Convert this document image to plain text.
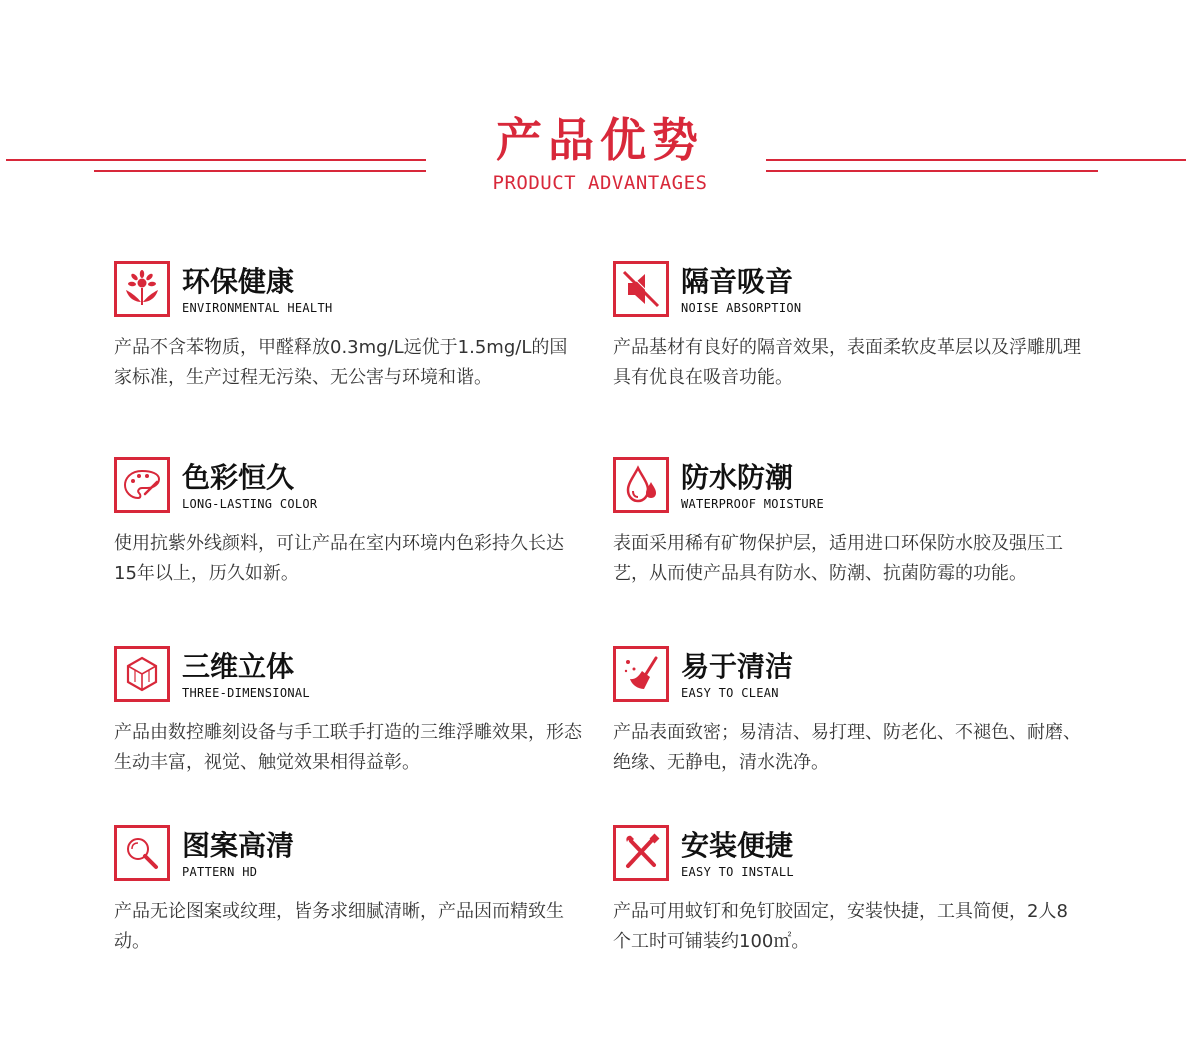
产品优势
PRODUCT ADVANTAGES
环保健康
ENVIRONMENTAL HEALTH
产品不含苯物质，甲醛释放0.3mg/L远优于1.5mg/L的国家标准，生产过程无污染、无公害与环境和谐。
隔音吸音
NOISE ABSORPTION
产品基材有良好的隔音效果，表面柔软皮革层以及浮雕肌理具有优良在吸音功能。
色彩恒久
LONG-LASTING COLOR
使用抗紫外线颜料，可让产品在室内环境内色彩持久长达15年以上，历久如新。
防水防潮
WATERPROOF MOISTURE
表面采用稀有矿物保护层，适用进口环保防水胶及强压工艺，从而使产品具有防水、防潮、抗菌防霉的功能。
三维立体
THREE-DIMENSIONAL
产品由数控雕刻设备与手工联手打造的三维浮雕效果，形态生动丰富，视觉、触觉效果相得益彰。
易于清洁
EASY TO CLEAN
产品表面致密；易清洁、易打理、防老化、不褪色、耐磨、绝缘、无静电，清水洗净。
图案高清
PATTERN HD
产品无论图案或纹理，皆务求细腻清晰，产品因而精致生动。
安装便捷
EASY TO INSTALL
产品可用蚊钉和免钉胶固定，安装快捷，工具简便，2人8个工时可铺装约100㎡。
